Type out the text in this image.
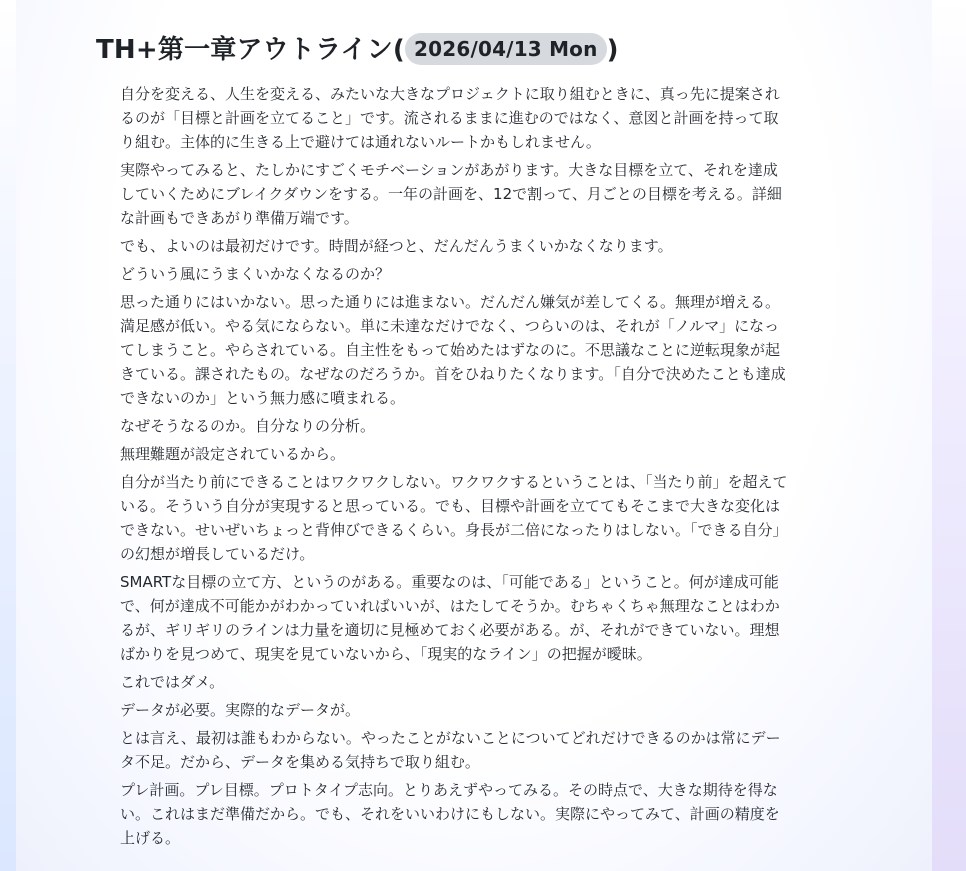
TH+第一章アウトライン( 2026/04/13 Mon )

自分を変える、人生を変える、みたいな大きなプロジェクトに取り組むときに、真っ先に提案されるのが「目標と計画を立てること」です。流されるままに進むのではなく、意図と計画を持って取り組む。主体的に生きる上で避けては通れないルートかもしれません。

実際やってみると、たしかにすごくモチベーションがあがります。大きな目標を立て、それを達成していくためにブレイクダウンをする。一年の計画を、12で割って、月ごとの目標を考える。詳細な計画もできあがり準備万端です。

でも、よいのは最初だけです。時間が経つと、だんだんうまくいかなくなります。

どういう風にうまくいかなくなるのか？

思った通りにはいかない。思った通りには進まない。だんだん嫌気が差してくる。無理が増える。満足感が低い。やる気にならない。単に未達なだけでなく、つらいのは、それが「ノルマ」になってしまうこと。やらされている。自主性をもって始めたはずなのに。不思議なことに逆転現象が起きている。課されたもの。なぜなのだろうか。首をひねりたくなります。「自分で決めたことも達成できないのか」という無力感に噴まれる。

なぜそうなるのか。自分なりの分析。

無理難題が設定されているから。

自分が当たり前にできることはワクワクしない。ワクワクするということは、「当たり前」を超えている。そういう自分が実現すると思っている。でも、目標や計画を立ててもそこまで大きな変化はできない。せいぜいちょっと背伸びできるくらい。身長が二倍になったりはしない。「できる自分」の幻想が増長しているだけ。

SMARTな目標の立て方、というのがある。重要なのは、「可能である」ということ。何が達成可能で、何が達成不可能かがわかっていればいいが、はたしてそうか。むちゃくちゃ無理なことはわかるが、ギリギリのラインは力量を適切に見極めておく必要がある。が、それができていない。理想ばかりを見つめて、現実を見ていないから、「現実的なライン」の把握が曖昧。

これではダメ。

データが必要。実際的なデータが。

とは言え、最初は誰もわからない。やったことがないことについてどれだけできるのかは常にデータ不足。だから、データを集める気持ちで取り組む。

プレ計画。プレ目標。プロトタイプ志向。とりあえずやってみる。その時点で、大きな期待を得ない。これはまだ準備だから。でも、それをいいわけにもしない。実際にやってみて、計画の精度を上げる。
